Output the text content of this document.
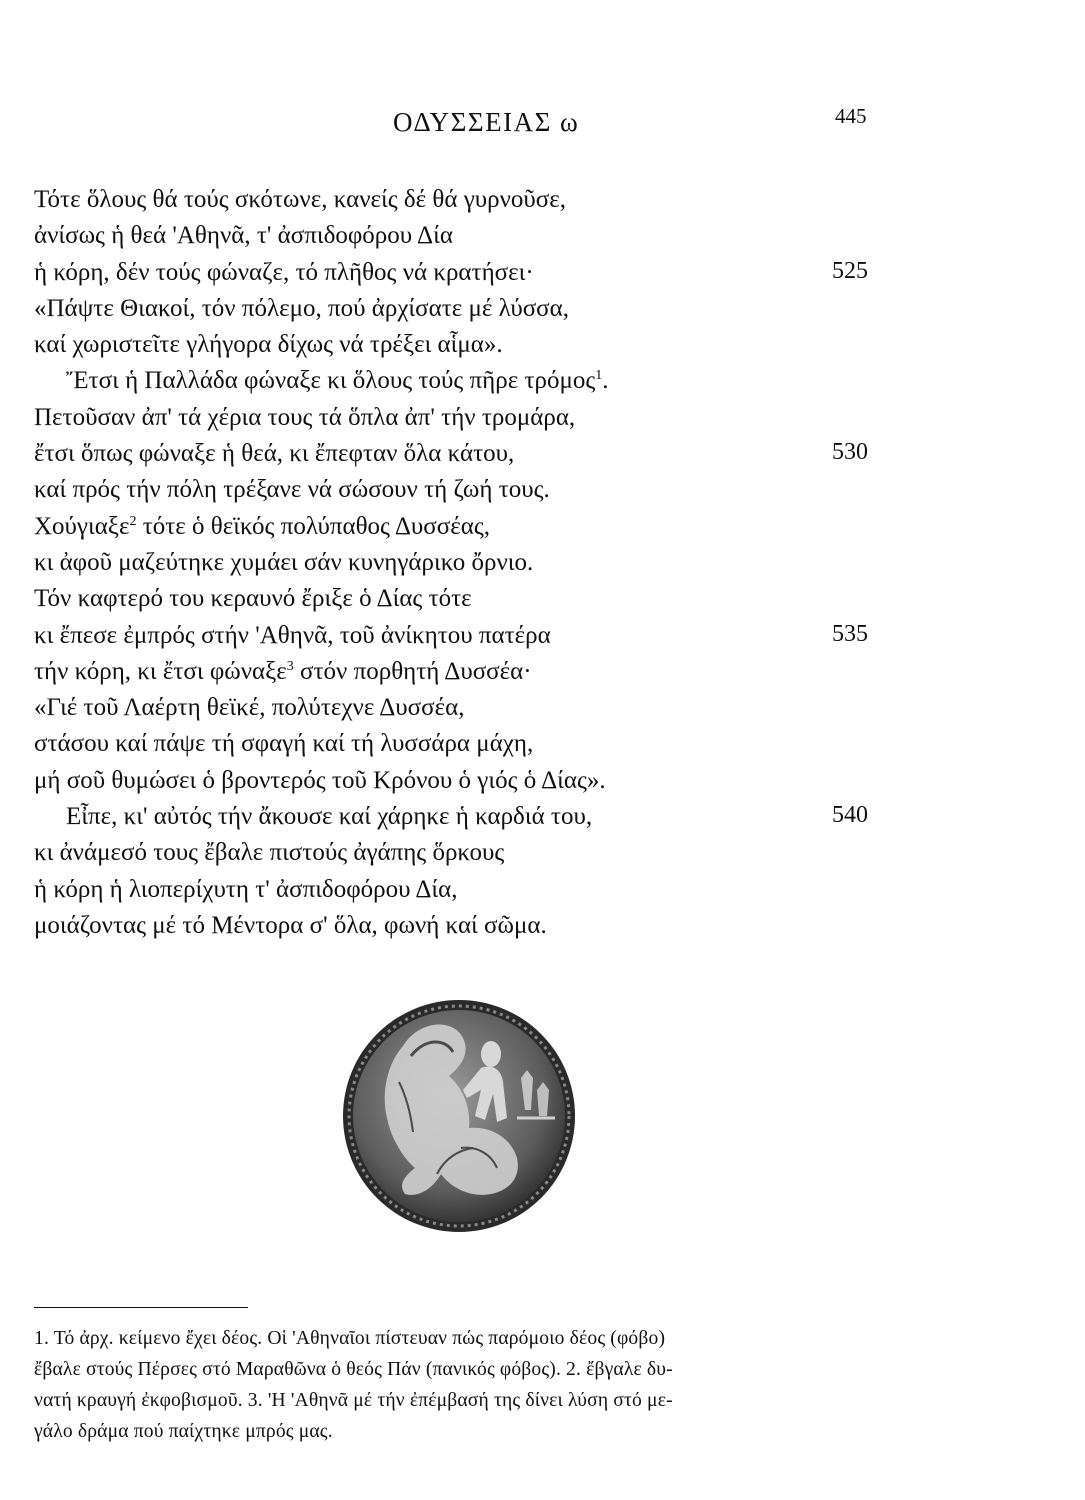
ΟΔΥΣΣΕΙΑΣ ω	445
Τότε ὅλους θά τούς σκότωνε, κανείς δέ θά γυρνοῦσε,
ἀνίσως ἡ θεά 'Αθηνᾶ, τ' ἀσπιδοφόρου Δία
ἡ κόρη, δέν τούς φώναζε, τό πλῆθος νά κρατήσει·	525
«Πάψτε Θιακοί, τόν πόλεμο, πού ἀρχίσατε μέ λύσσα,
καί χωριστεῖτε γλήγορα δίχως νά τρέξει αἷμα».
Ἔτσι ἡ Παλλάδα φώναξε κι ὅλους τούς πῆρε τρόμος$^1$.
Πετοῦσαν ἀπ' τά χέρια τους τά ὅπλα ἀπ' τήν τρομάρα,
ἔτσι ὅπως φώναξε ἡ θεά, κι ἔπεφταν ὅλα κάτου,	530
καί πρός τήν πόλη τρέξανε νά σώσουν τή ζωή τους.
Χούγιαξε$^2$ τότε ὁ θεϊκός πολύπαθος Δυσσέας,
κι ἀφοῦ μαζεύτηκε χυμάει σάν κυνηγάρικο ὄρνιο.
Τόν καφτερό του κεραυνό ἔριξε ὁ Δίας τότε
κι ἔπεσε ἐμπρός στήν 'Αθηνᾶ, τοῦ ἀνίκητου πατέρα	535
τήν κόρη, κι ἔτσι φώναξε$^3$ στόν πορθητή Δυσσέα·
«Γιέ τοῦ Λαέρτη θεϊκέ, πολύτεχνε Δυσσέα,
στάσου καί πάψε τή σφαγή καί τή λυσσάρα μάχη,
μή σοῦ θυμώσει ὁ βροντερός τοῦ Κρόνου ὁ γιός ὁ Δίας».
Εἶπε, κι' αὐτός τήν ἄκουσε καί χάρηκε ἡ καρδιά του,	540
κι ἀνάμεσό τους ἔβαλε πιστούς ἀγάπης ὅρκους
ἡ κόρη ἡ λιοπερίχυτη τ' ἀσπιδοφόρου Δία,
μοιάζοντας μέ τό Μέντορα σ' ὅλα, φωνή καί σῶμα.

1. Τό ἀρχ. κείμενο ἔχει δέος. Οἱ 'Αθηναῖοι πίστευαν πώς παρόμοιο δέος (φόβο)

ἔβαλε στούς Πέρσες στό Μαραθῶνα ὁ θεός Πάν (πανικός φόβος). 2. ἔβγαλε δυ-

νατή κραυγή ἐκφοβισμοῦ. 3. 'Η 'Αθηνᾶ μέ τήν ἐπέμβασή της δίνει λύση στό με-

γάλο δράμα πού παίχτηκε μπρός μας.
